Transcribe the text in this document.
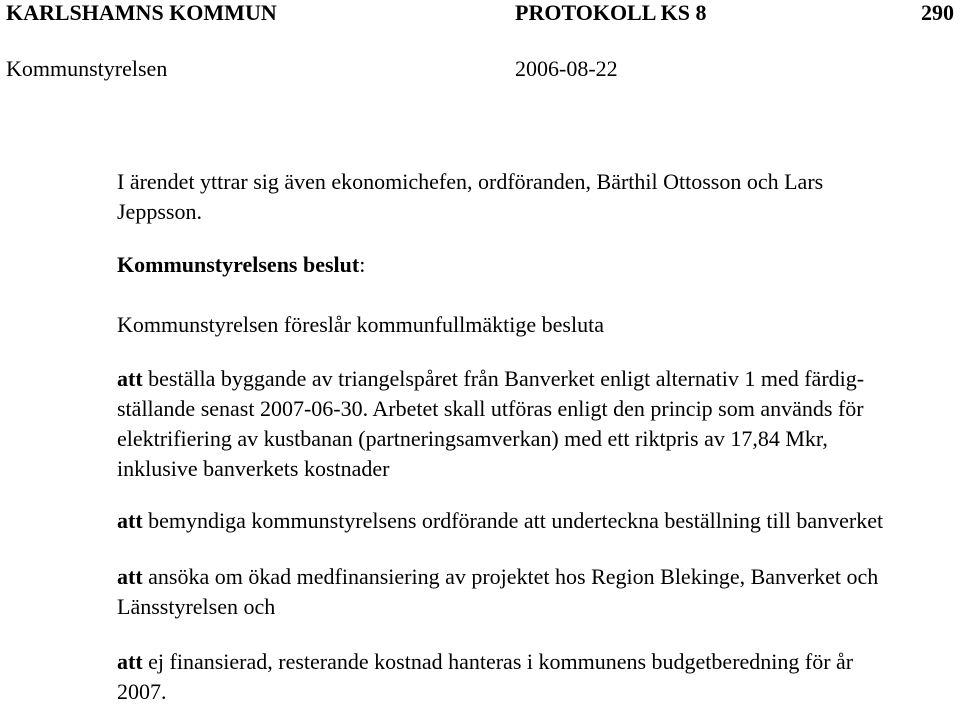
KARLSHAMNS KOMMUN	PROTOKOLL KS 8	290
Kommunstyrelsen	2006-08-22
I ärendet yttrar sig även ekonomichefen, ordföranden, Bärthil Ottosson och Lars
Jeppsson.
Kommunstyrelsens beslut:
Kommunstyrelsen föreslår kommunfullmäktige besluta
att beställa byggande av triangelspåret från Banverket enligt alternativ 1 med färdig-
ställande senast 2007-06-30. Arbetet skall utföras enligt den princip som används för
elektrifiering av kustbanan (partneringsamverkan) med ett riktpris av 17,84 Mkr,
inklusive banverkets kostnader
att bemyndiga kommunstyrelsens ordförande att underteckna beställning till banverket
att ansöka om ökad medfinansiering av projektet hos Region Blekinge, Banverket och
Länsstyrelsen och
att ej finansierad, resterande kostnad hanteras i kommunens budgetberedning för år
2007.
